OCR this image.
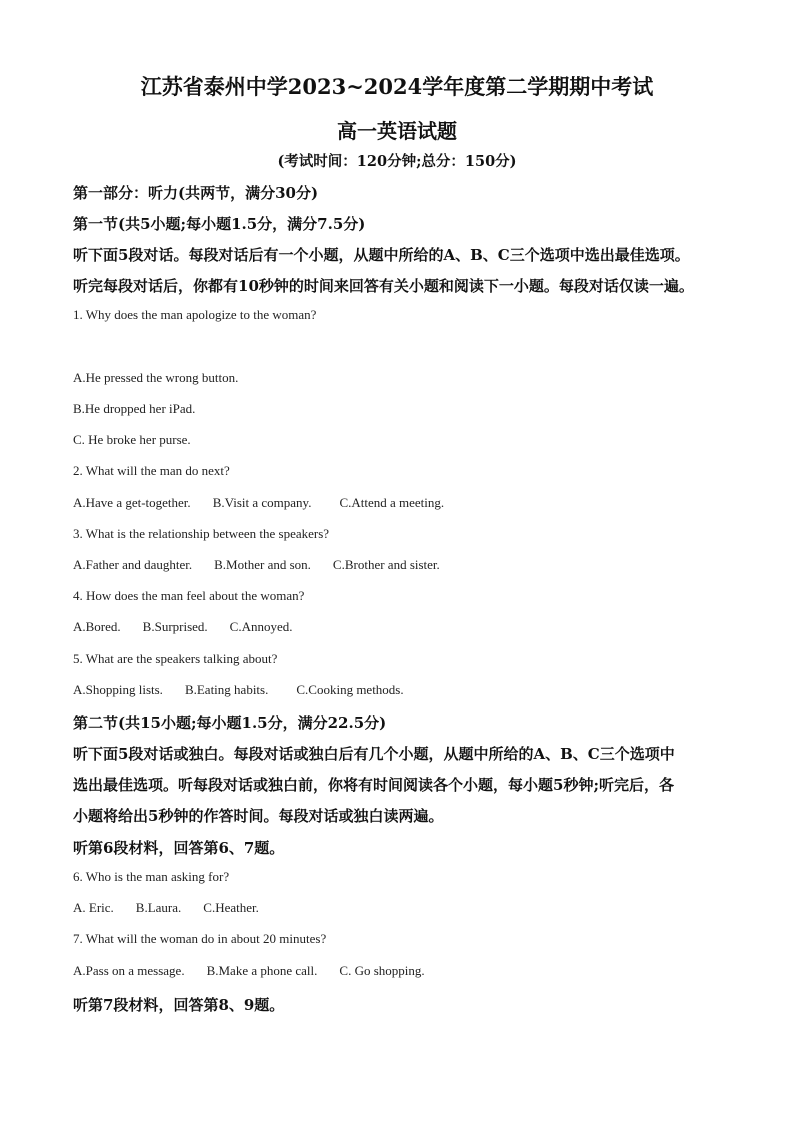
江苏省泰州中学2023~2024学年度第二学期期中考试
高一英语试题
(考试时间：120分钟;总分：150分)
第一部分：听力(共两节，满分30分)
第一节(共5小题;每小题1.5分，满分7.5分)
听下面5段对话。每段对话后有一个小题，从题中所给的A、B、C三个选项中选出最佳选项。
听完每段对话后，你都有10秒钟的时间来回答有关小题和阅读下一小题。每段对话仅读一遍。
1. Why does the man apologize to the woman?
A.He pressed the wrong button.
B.He dropped her iPad.
C. He broke her purse.
2. What will the man do next?
A.Have a get-together. B.Visit a company. C.Attend a meeting.
3. What is the relationship between the speakers?
A.Father and daughter. B.Mother and son. C.Brother and sister.
4. How does the man feel about the woman?
A.Bored. B.Surprised. C.Annoyed.
5. What are the speakers talking about?
A.Shopping lists. B.Eating habits. C.Cooking methods.
第二节(共15小题;每小题1.5分，满分22.5分)
听下面5段对话或独白。每段对话或独白后有几个小题，从题中所给的A、B、C三个选项中
选出最佳选项。听每段对话或独白前，你将有时间阅读各个小题，每小题5秒钟;听完后，各
小题将给出5秒钟的作答时间。每段对话或独白读两遍。
听第6段材料，回答第6、7题。
6. Who is the man asking for?
A. Eric. B.Laura. C.Heather.
7. What will the woman do in about 20 minutes?
A.Pass on a message. B.Make a phone call. C. Go shopping.
听第7段材料，回答第8、9题。
